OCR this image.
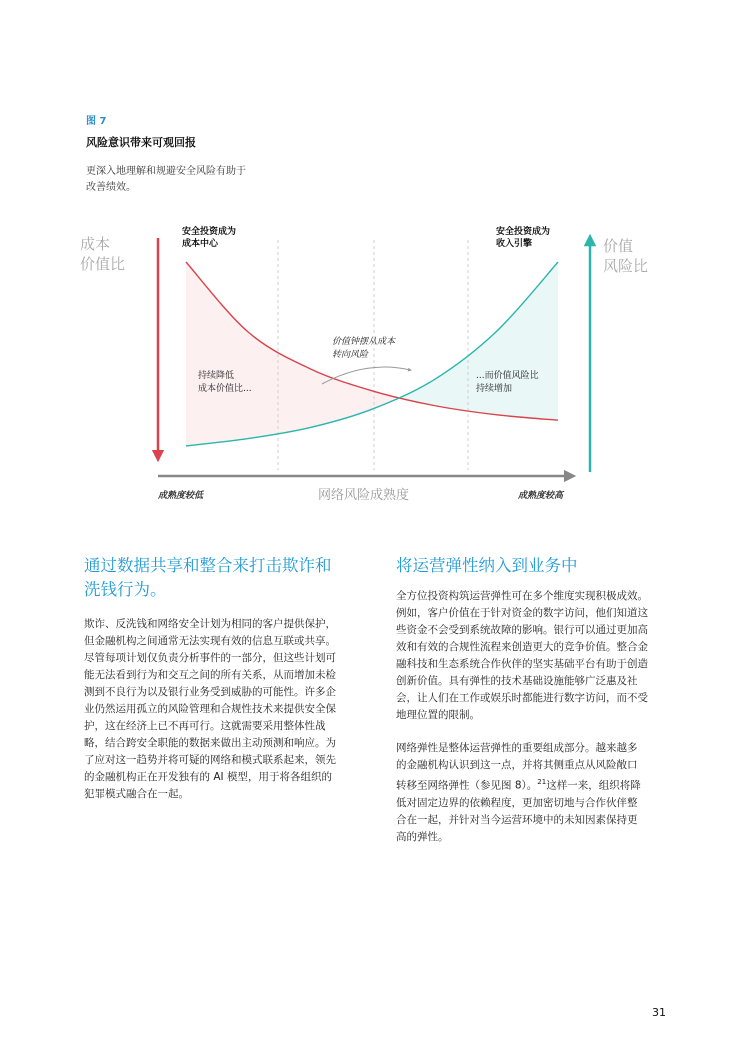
图 7
风险意识带来可观回报
更深入地理解和规避安全风险有助于
改善绩效。
成本
价值比
价值
风险比
安全投资成为
成本中心
安全投资成为
收入引擎
价值钟摆从成本
转向风险
持续降低
成本价值比...
...而价值风险比
持续增加
成熟度较低	成熟度较高
网络风险成熟度
通过数据共享和整合来打击欺诈和
洗钱行为。
欺诈、反洗钱和网络安全计划为相同的客户提供保护，
但金融机构之间通常无法实现有效的信息互联或共享。
尽管每项计划仅负责分析事件的一部分，但这些计划可
能无法看到行为和交互之间的所有关系，从而增加未检
测到不良行为以及银行业务受到威胁的可能性。许多企
业仍然运用孤立的风险管理和合规性技术来提供安全保
护，这在经济上已不再可行。这就需要采用整体性战
略，结合跨安全职能的数据来做出主动预测和响应。为
了应对这一趋势并将可疑的网络和模式联系起来，领先
的金融机构正在开发独有的 AI 模型，用于将各组织的
犯罪模式融合在一起。
将运营弹性纳入到业务中
全方位投资构筑运营弹性可在多个维度实现积极成效。
例如，客户价值在于针对资金的数字访问，他们知道这
些资金不会受到系统故障的影响。银行可以通过更加高
效和有效的合规性流程来创造更大的竞争价值。整合金
融科技和生态系统合作伙伴的坚实基础平台有助于创造
创新价值。具有弹性的技术基础设施能够广泛惠及社
会，让人们在工作或娱乐时都能进行数字访问，而不受
地理位置的限制。
网络弹性是整体运营弹性的重要组成部分。越来越多
的金融机构认识到这一点，并将其侧重点从风险敞口
转移至网络弹性（参见图 8）。$^{21}$这样一来，组织将降
低对固定边界的依赖程度，更加密切地与合作伙伴整
合在一起，并针对当今运营环境中的未知因素保持更
高的弹性。
31
